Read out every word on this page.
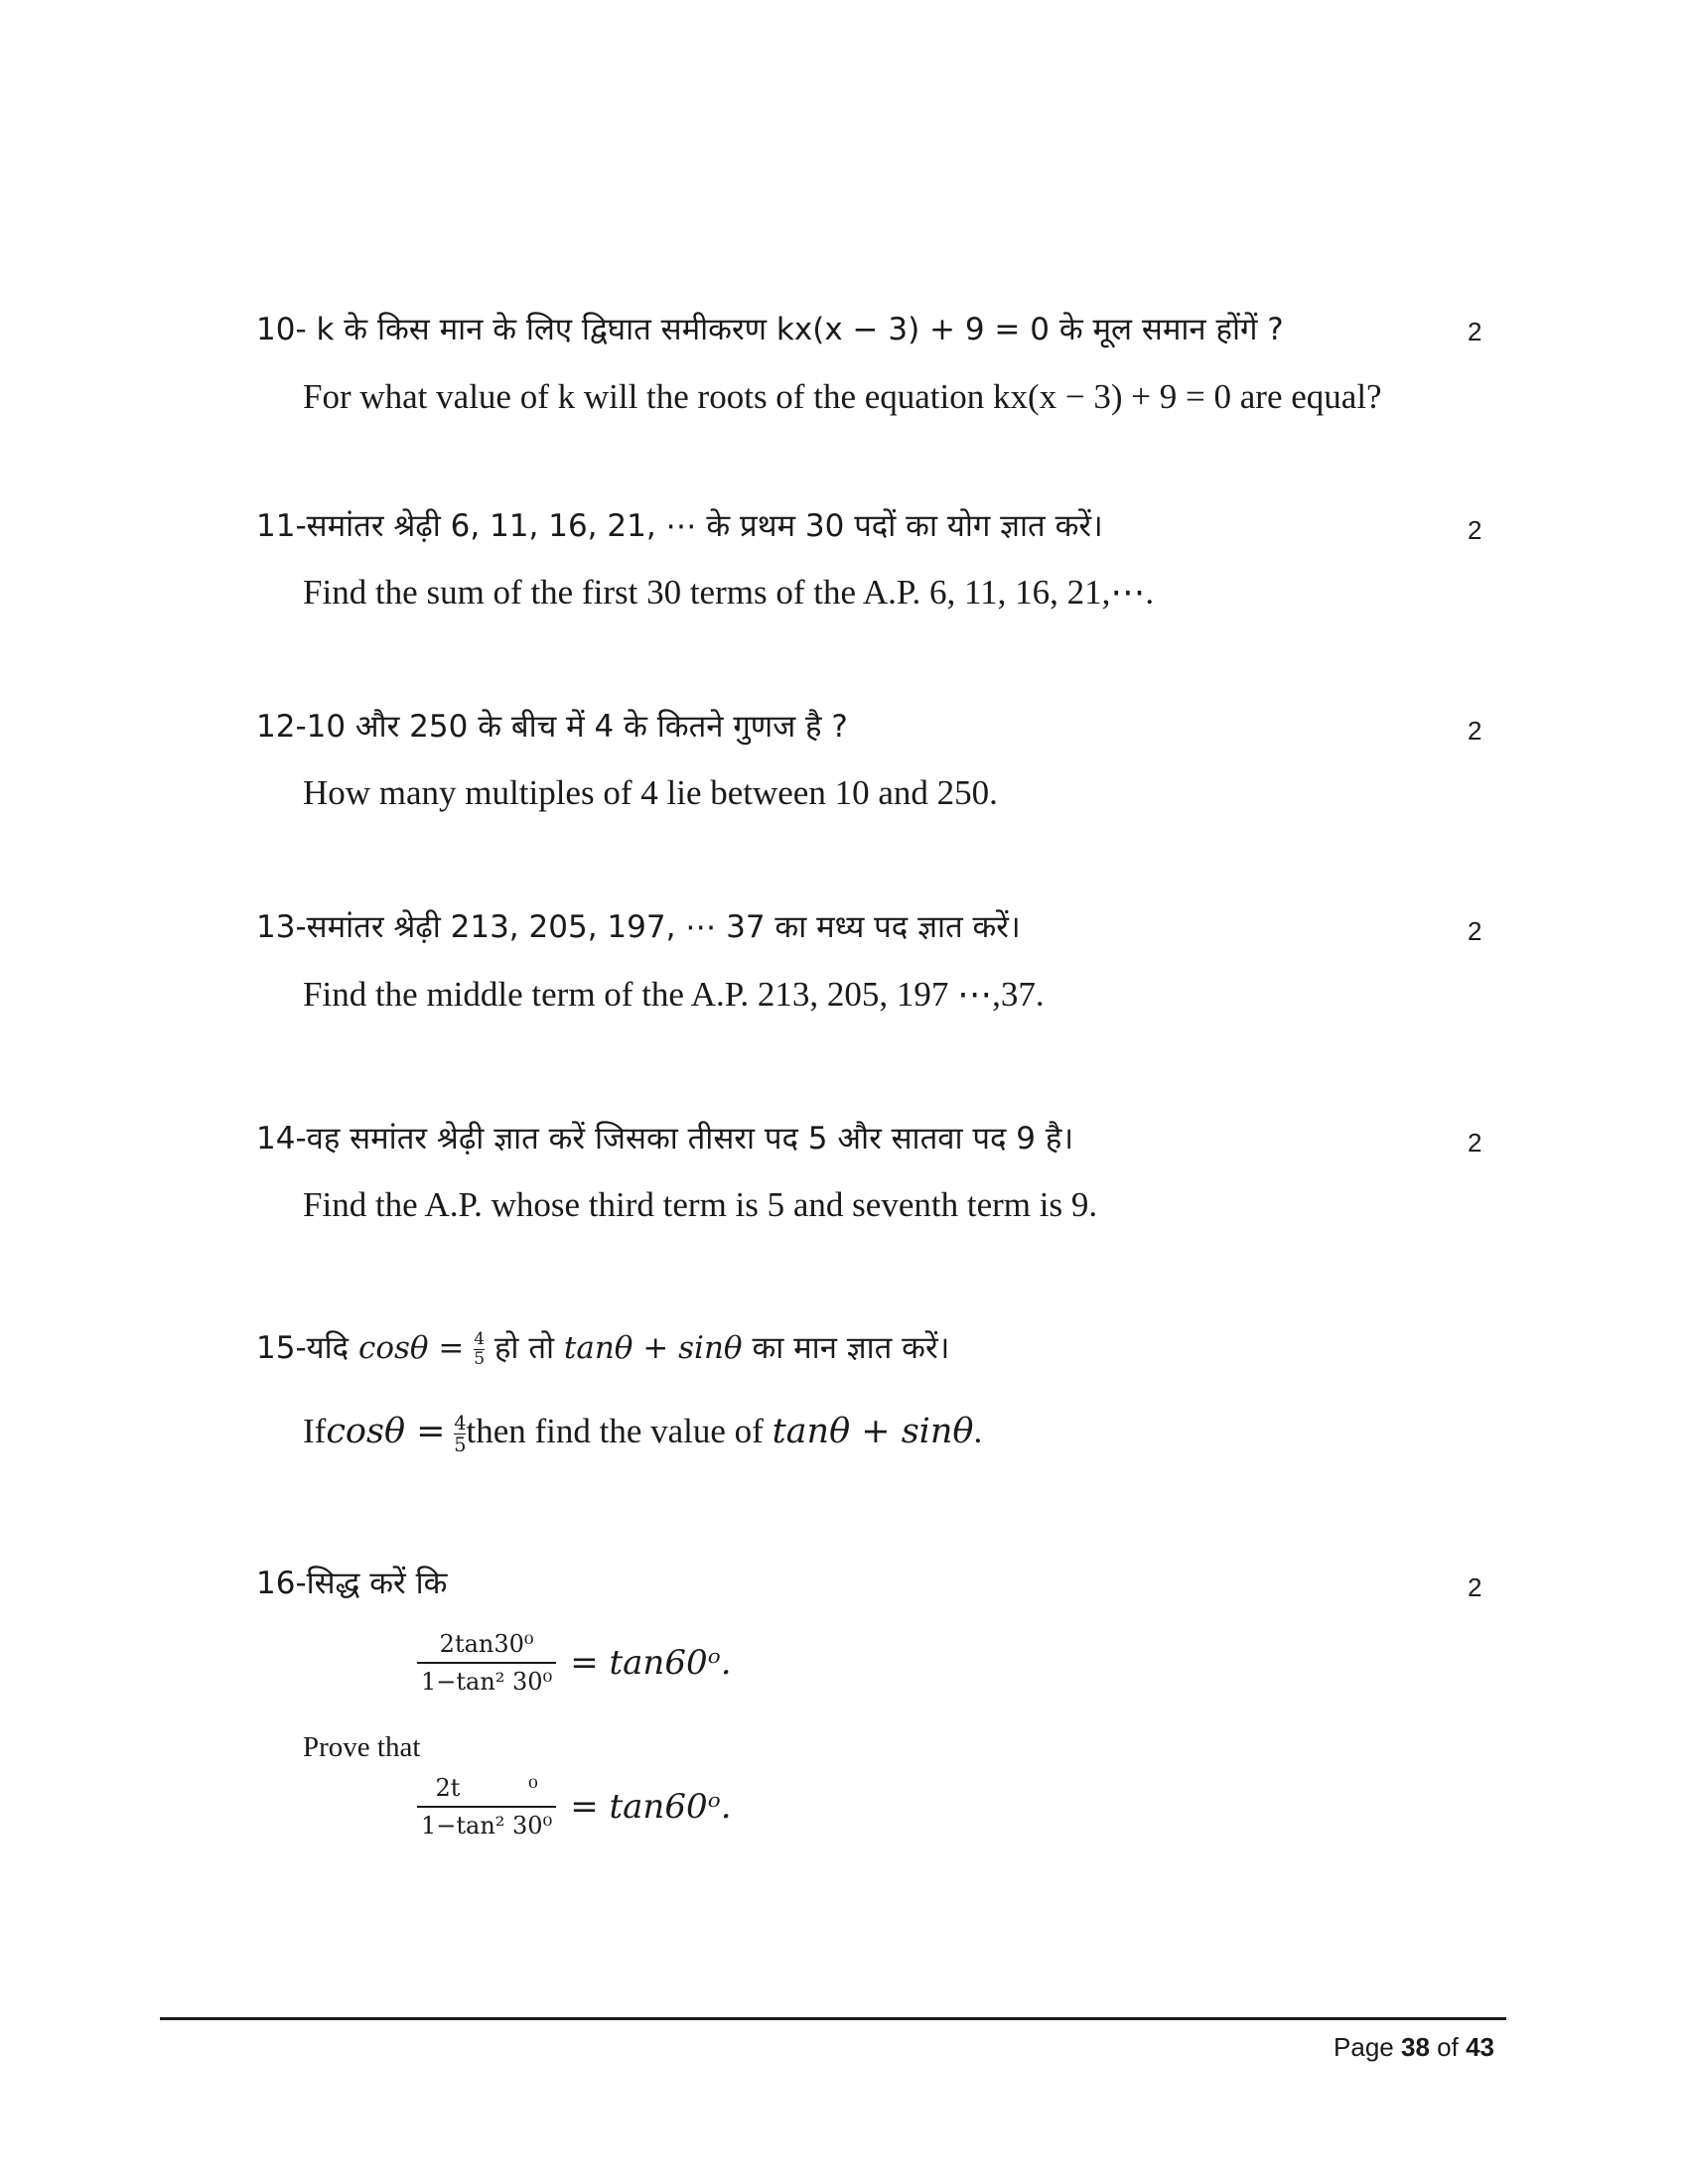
10- k के किस मान के लिए द्विघात समीकरण kx(x − 3) + 9 = 0 के मूल समान होंगें ?	2
For what value of k will the roots of the equation kx(x − 3) + 9 = 0 are equal?
11-समांतर श्रेढ़ी 6, 11, 16, 21, ⋯ के प्रथम 30 पदों का योग ज्ञात करें।	2
Find the sum of the first 30 terms of the A.P. 6, 11, 16, 21,⋯.
12-10 और 250 के बीच में 4 के कितने गुणज है ?	2
How many multiples of 4 lie between 10 and 250.
13-समांतर श्रेढ़ी 213, 205, 197, ⋯ 37 का मध्य पद ज्ञात करें।	2
Find the middle term of the A.P. 213, 205, 197 ⋯,37.
14-वह समांतर श्रेढ़ी ज्ञात करें जिसका तीसरा पद 5 और सातवा पद 9 है।	2
Find the A.P. whose third term is 5 and seventh term is 9.
15-यदि $\cos\theta = \frac{4}{5}$ हो तो tanθ + sinθ का मान ज्ञात करें।
$Ifcos\theta = \frac{4}{5}$ then find the value of tanθ + sinθ.
16-सिद्ध करें कि	2
$\frac{\text{2tan30⁰}}{\text{1−tan² 30⁰}}$ = tan60ᵒ.
Prove that
$\frac{\text{2t         ⁰}}{\text{1−tan² 30⁰}}$ = tan60ᵒ.
Page 38 of 43
